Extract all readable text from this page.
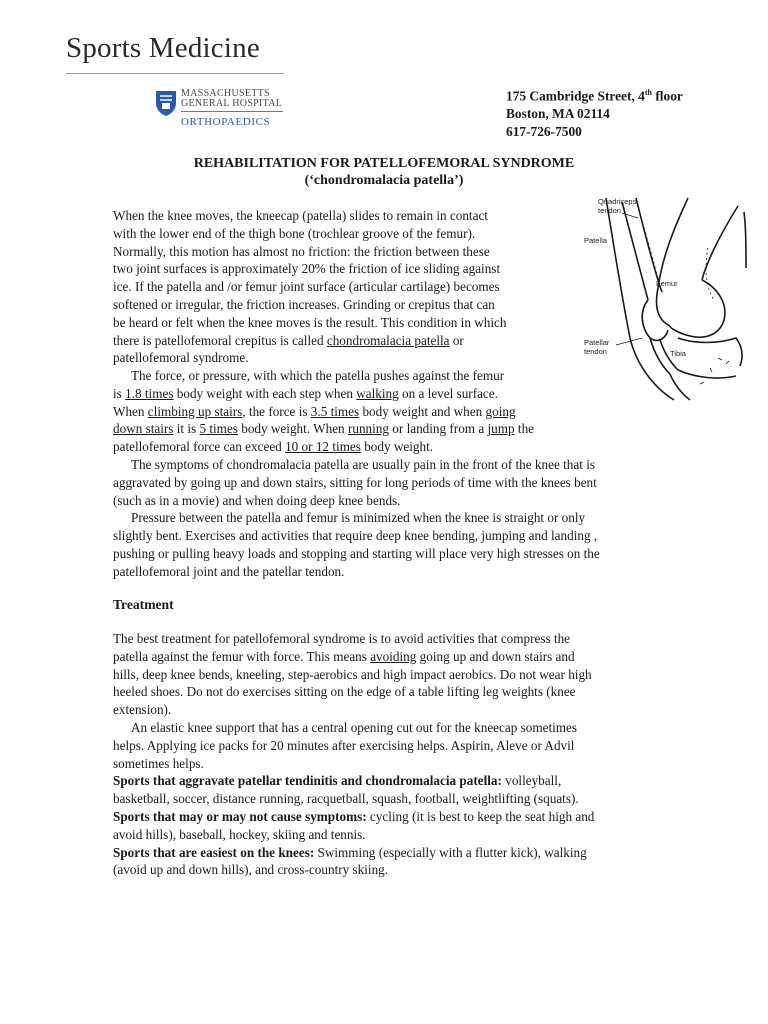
Sports Medicine
MASSACHUSETTS
GENERAL HOSPITAL
ORTHOPAEDICS
175 Cambridge Street, 4th floor
Boston, MA 02114
617-726-7500
REHABILITATION FOR PATELLOFEMORAL SYNDROME
(‘chondromalacia patella’)
Quadriceps
tendon
Patella
Femur
Patellar
tendon	Tibia
When the knee moves, the kneecap (patella) slides to remain in contact
with the lower end of the thigh bone (trochlear groove of the femur).
Normally, this motion has almost no friction: the friction between these
two joint surfaces is approximately 20% the friction of ice sliding against
ice. If the patella and /or femur joint surface (articular cartilage) becomes
softened or irregular, the friction increases. Grinding or crepitus that can
be heard or felt when the knee moves is the result. This condition in which
there is patellofemoral crepitus is called chondromalacia patella or
patellofemoral syndrome.
The force, or pressure, with which the patella pushes against the femur
is 1.8 times body weight with each step when walking on a level surface.
When climbing up stairs, the force is 3.5 times body weight and when going
down stairs it is 5 times body weight. When running or landing from a jump the
patellofemoral force can exceed 10 or 12 times body weight.
The symptoms of chondromalacia patella are usually pain in the front of the knee that is
aggravated by going up and down stairs, sitting for long periods of time with the knees bent
(such as in a movie) and when doing deep knee bends.
Pressure between the patella and femur is minimized when the knee is straight or only
slightly bent. Exercises and activities that require deep knee bending, jumping and landing ,
pushing or pulling heavy loads and stopping and starting will place very high stresses on the
patellofemoral joint and the patellar tendon.
Treatment
The best treatment for patellofemoral syndrome is to avoid activities that compress the
patella against the femur with force. This means avoiding going up and down stairs and
hills, deep knee bends, kneeling, step-aerobics and high impact aerobics. Do not wear high
heeled shoes. Do not do exercises sitting on the edge of a table lifting leg weights (knee
extension).
An elastic knee support that has a central opening cut out for the kneecap sometimes
helps. Applying ice packs for 20 minutes after exercising helps. Aspirin, Aleve or Advil
sometimes helps.
Sports that aggravate patellar tendinitis and chondromalacia patella: volleyball,
basketball, soccer, distance running, racquetball, squash, football, weightlifting (squats).
Sports that may or may not cause symptoms: cycling (it is best to keep the seat high and
avoid hills), baseball, hockey, skiing and tennis.
Sports that are easiest on the knees: Swimming (especially with a flutter kick), walking
(avoid up and down hills), and cross-country skiing.
